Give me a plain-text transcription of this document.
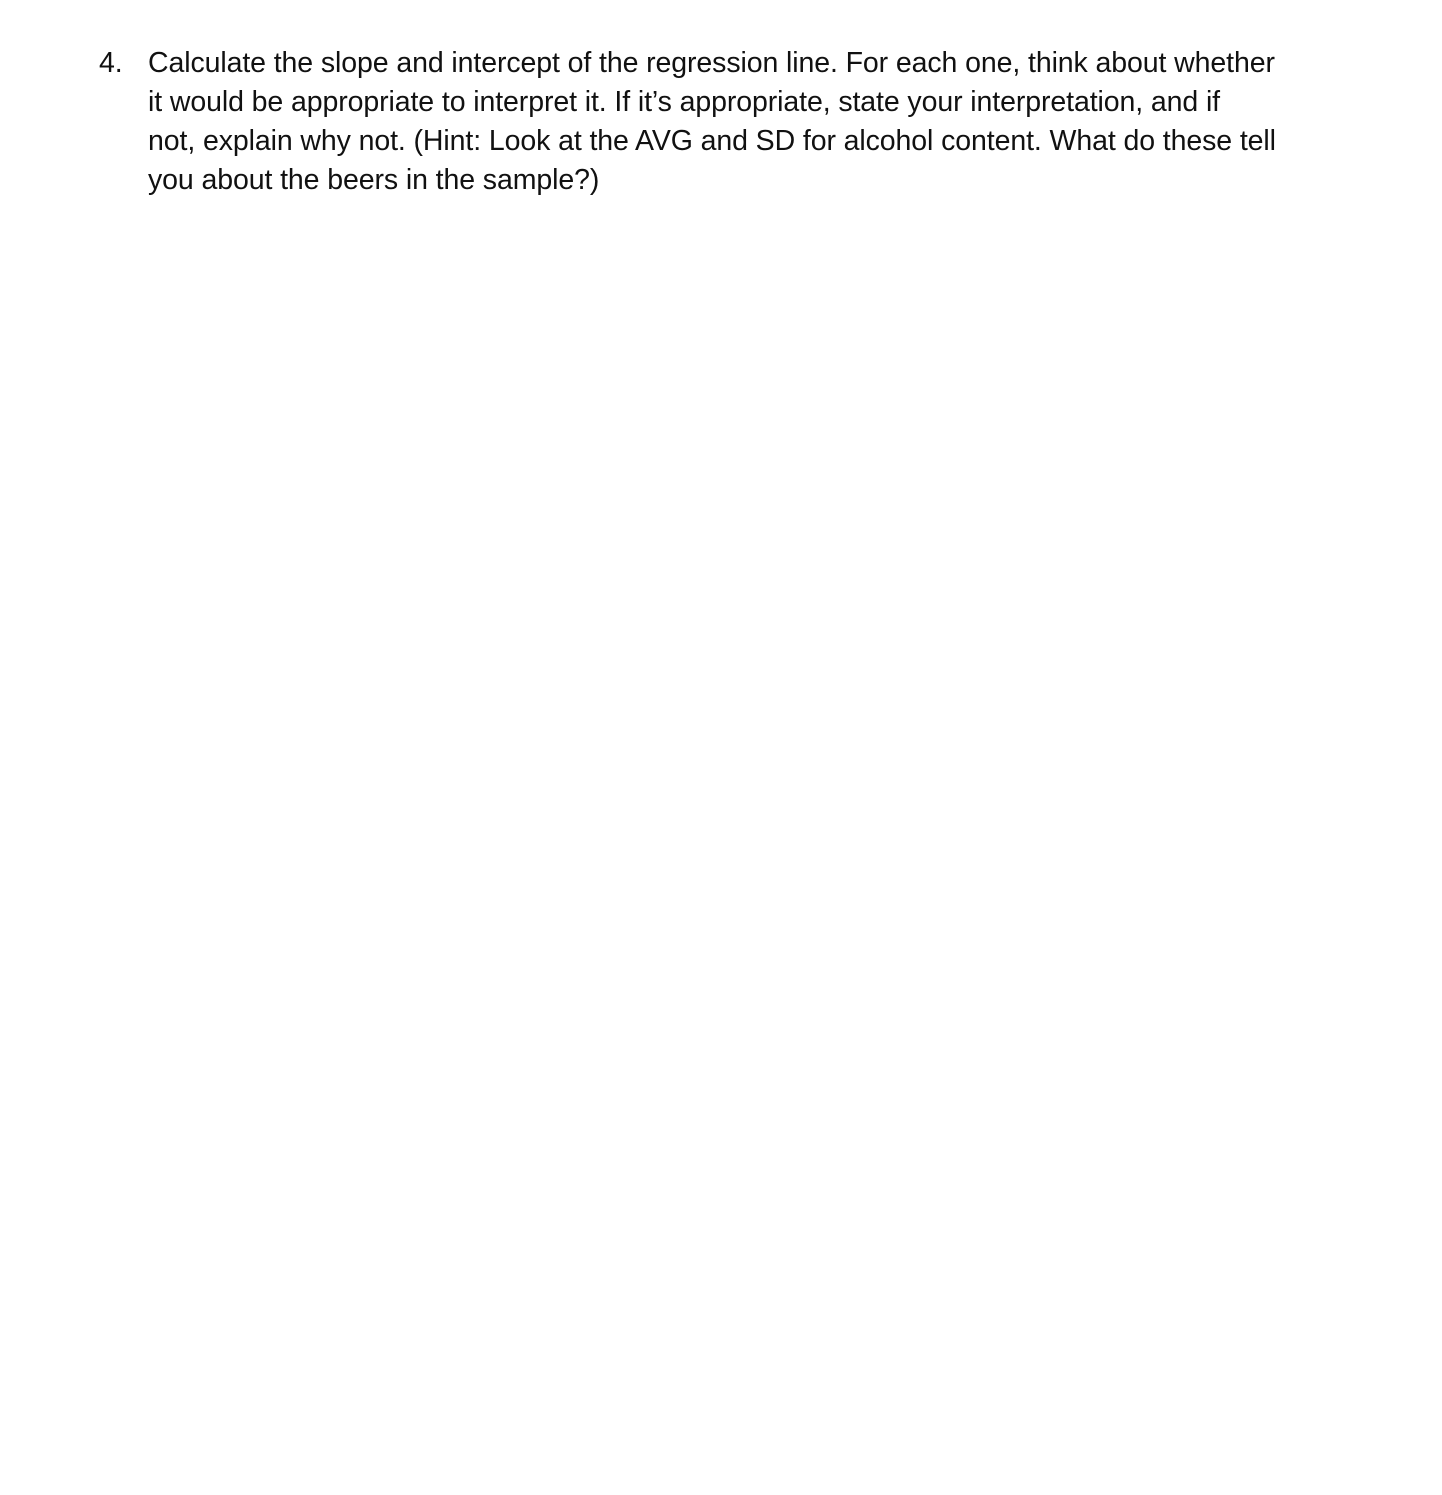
4. Calculate the slope and intercept of the regression line. For each one, think about whether
it would be appropriate to interpret it. If it’s appropriate, state your interpretation, and if
not, explain why not. (Hint: Look at the AVG and SD for alcohol content. What do these tell
you about the beers in the sample?)
